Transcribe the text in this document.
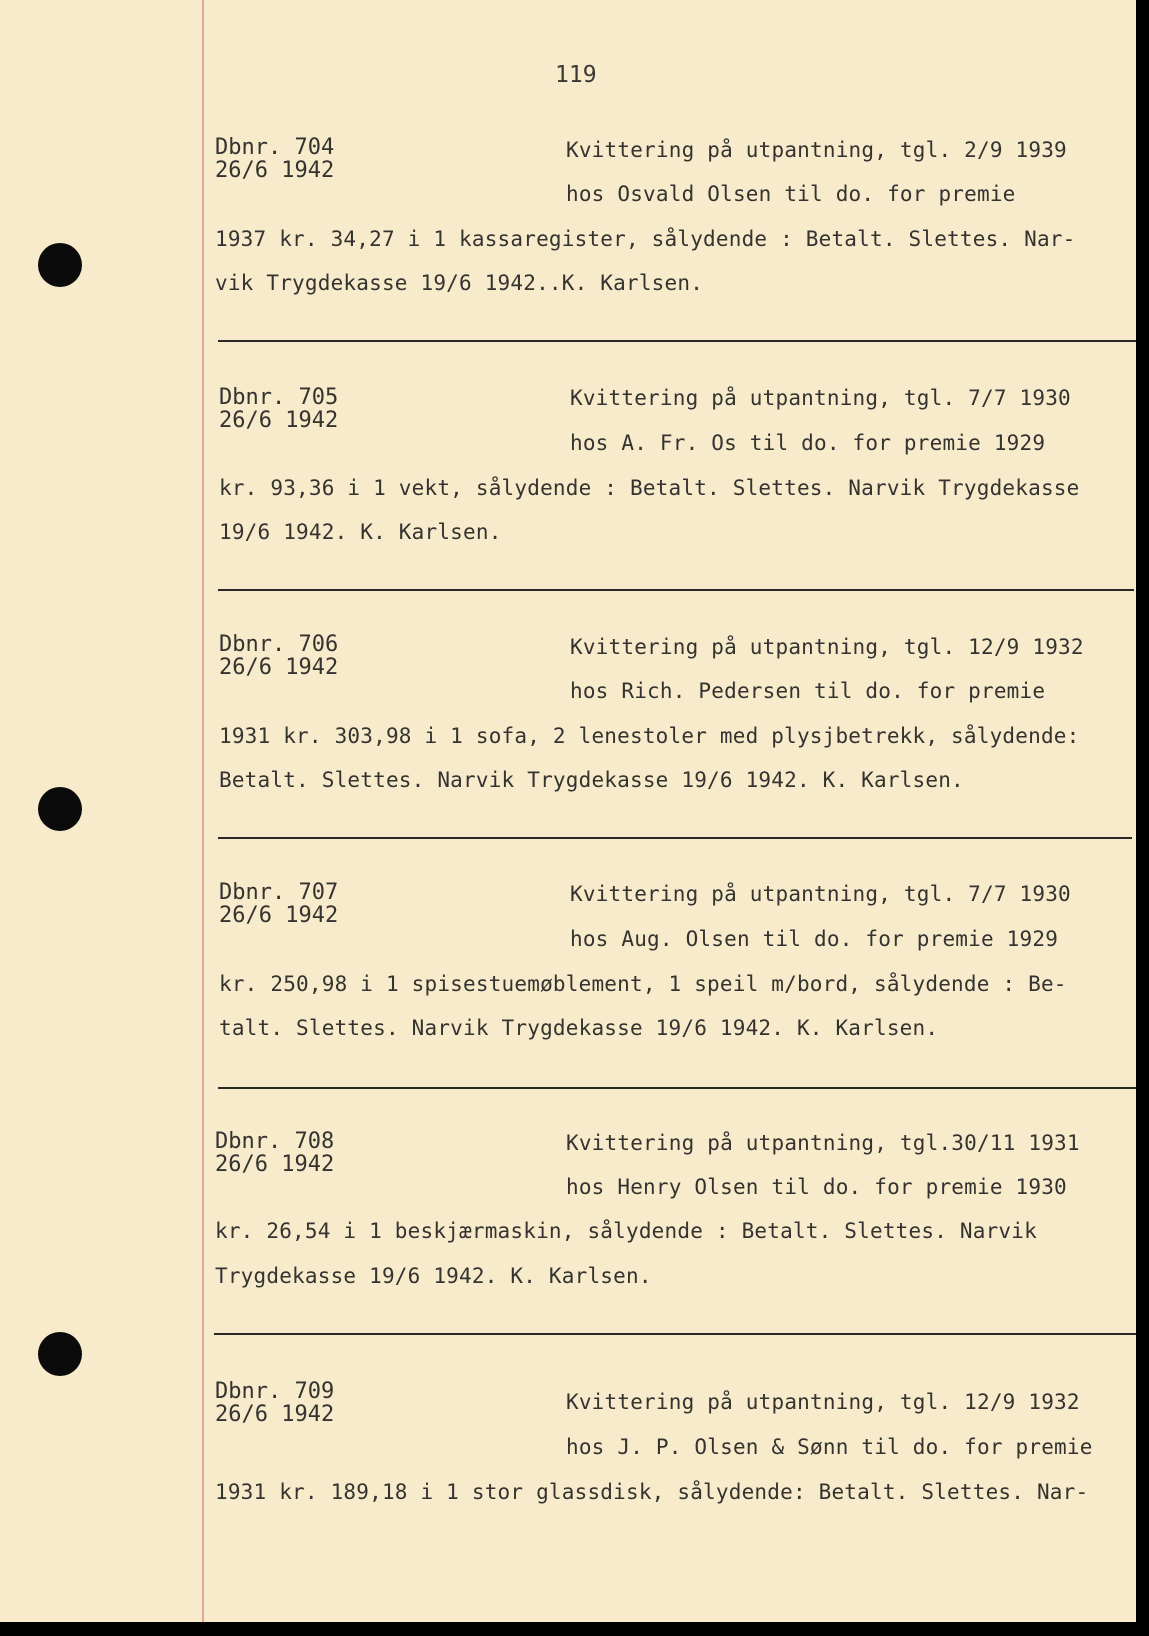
119
Dbnr. 704
26/6 1942
Kvittering på utpantning, tgl. 2/9 1939
hos Osvald Olsen til do. for premie
1937 kr. 34,27 i 1 kassaregister, sålydende : Betalt. Slettes. Nar-
vik Trygdekasse 19/6 1942..K. Karlsen.
Dbnr. 705
26/6 1942
Kvittering på utpantning, tgl. 7/7 1930
hos A. Fr. Os til do. for premie 1929
kr. 93,36 i 1 vekt, sålydende : Betalt. Slettes. Narvik Trygdekasse
19/6 1942. K. Karlsen.
Dbnr. 706
26/6 1942
Kvittering på utpantning, tgl. 12/9 1932
hos Rich. Pedersen til do. for premie
1931 kr. 303,98 i 1 sofa, 2 lenestoler med plysjbetrekk, sålydende:
Betalt. Slettes. Narvik Trygdekasse 19/6 1942. K. Karlsen.
Dbnr. 707
26/6 1942
Kvittering på utpantning, tgl. 7/7 1930
hos Aug. Olsen til do. for premie 1929
kr. 250,98 i 1 spisestuemøblement, 1 speil m/bord, sålydende : Be-
talt. Slettes. Narvik Trygdekasse 19/6 1942. K. Karlsen.
Dbnr. 708
26/6 1942
Kvittering på utpantning, tgl.30/11 1931
hos Henry Olsen til do. for premie 1930
kr. 26,54 i 1 beskjærmaskin, sålydende : Betalt. Slettes. Narvik
Trygdekasse 19/6 1942. K. Karlsen.
Dbnr. 709
26/6 1942	Kvittering på utpantning, tgl. 12/9 1932
hos J. P. Olsen & Sønn til do. for premie
1931 kr. 189,18 i 1 stor glassdisk, sålydende: Betalt. Slettes. Nar-
